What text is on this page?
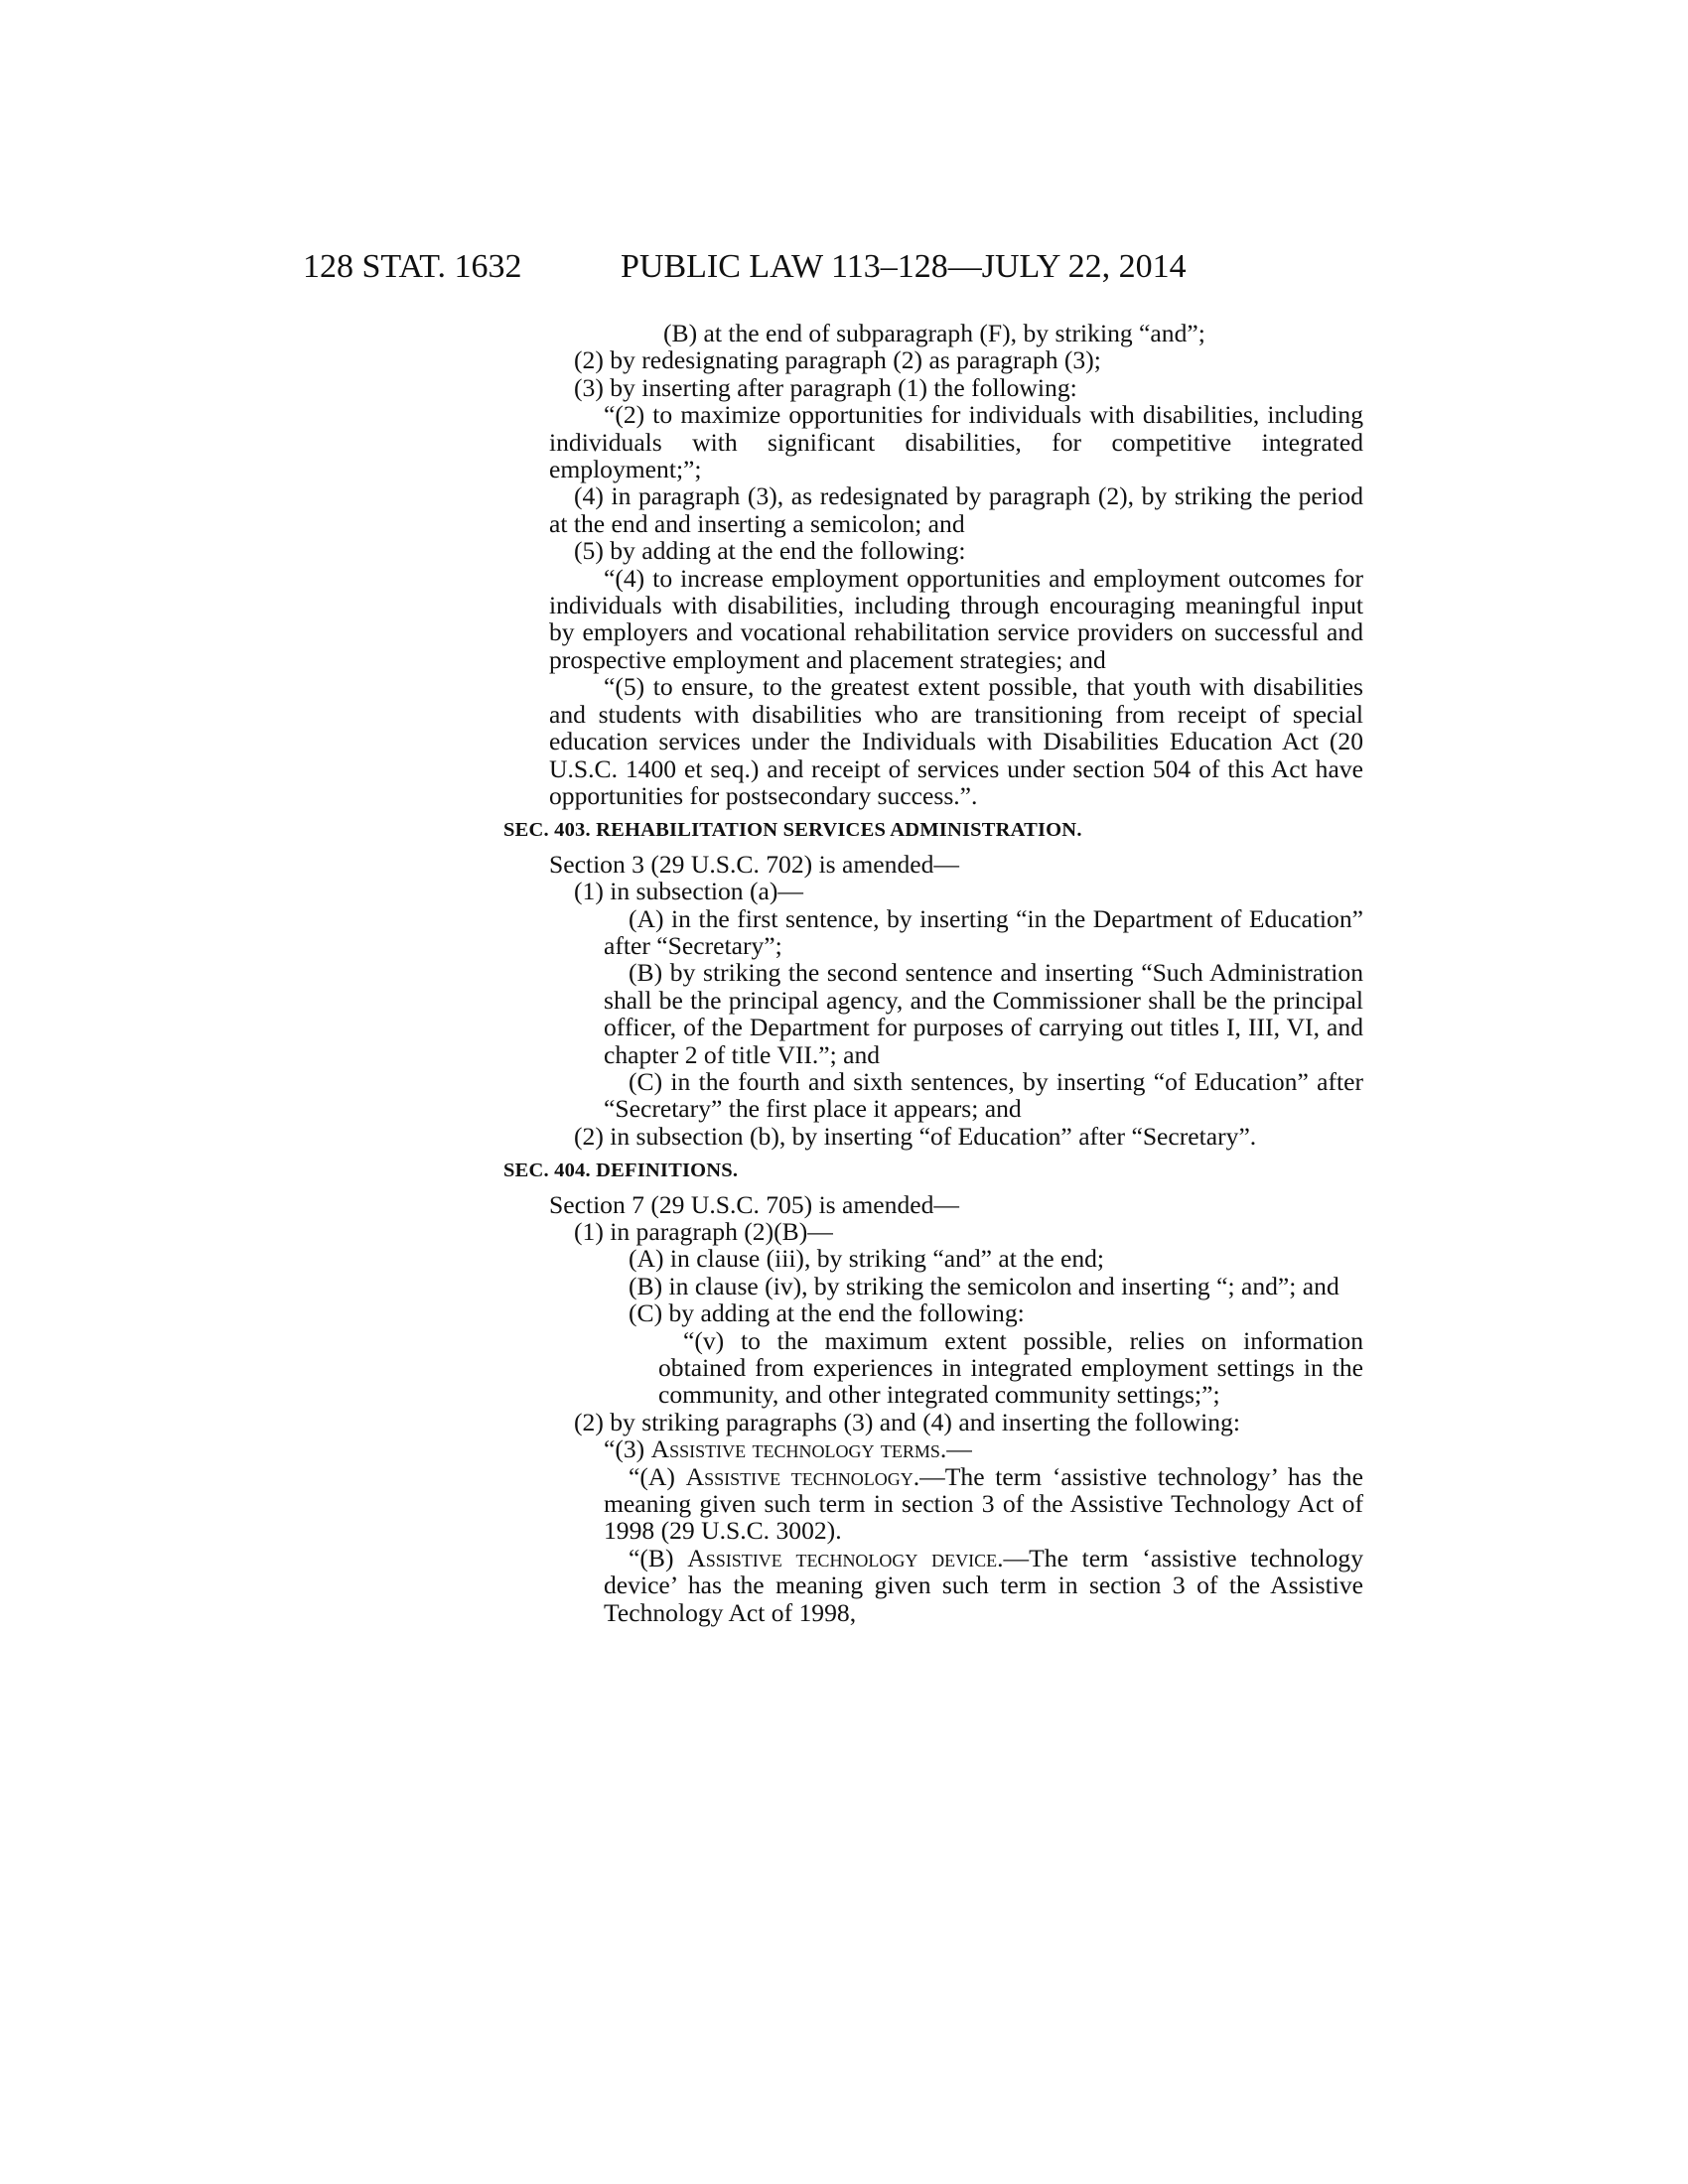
128 STAT. 1632	PUBLIC LAW 113–128—JULY 22, 2014

(B) at the end of subparagraph (F), by striking “and”;

(2) by redesignating paragraph (2) as paragraph (3);

(3) by inserting after paragraph (1) the following:

“(2) to maximize opportunities for individuals with disabilities, including individuals with significant disabilities, for competitive integrated employment;”;

(4) in paragraph (3), as redesignated by paragraph (2), by striking the period at the end and inserting a semicolon; and

(5) by adding at the end the following:

“(4) to increase employment opportunities and employment outcomes for individuals with disabilities, including through encouraging meaningful input by employers and vocational rehabilitation service providers on successful and prospective employment and placement strategies; and

“(5) to ensure, to the greatest extent possible, that youth with disabilities and students with disabilities who are transitioning from receipt of special education services under the Individuals with Disabilities Education Act (20 U.S.C. 1400 et seq.) and receipt of services under section 504 of this Act have opportunities for postsecondary success.”.

SEC. 403. REHABILITATION SERVICES ADMINISTRATION.

Section 3 (29 U.S.C. 702) is amended—

(1) in subsection (a)—

(A) in the first sentence, by inserting “in the Department of Education” after “Secretary”;

(B) by striking the second sentence and inserting “Such Administration shall be the principal agency, and the Commissioner shall be the principal officer, of the Department for purposes of carrying out titles I, III, VI, and chapter 2 of title VII.”; and

(C) in the fourth and sixth sentences, by inserting “of Education” after “Secretary” the first place it appears; and

(2) in subsection (b), by inserting “of Education” after “Secretary”.

SEC. 404. DEFINITIONS.

Section 7 (29 U.S.C. 705) is amended—

(1) in paragraph (2)(B)—

(A) in clause (iii), by striking “and” at the end;

(B) in clause (iv), by striking the semicolon and inserting “; and”; and

(C) by adding at the end the following:

“(v) to the maximum extent possible, relies on information obtained from experiences in integrated employment settings in the community, and other integrated community settings;”;

(2) by striking paragraphs (3) and (4) and inserting the following:

“(3) Assistive technology terms.—

“(A) Assistive technology.—The term ‘assistive technology’ has the meaning given such term in section 3 of the Assistive Technology Act of 1998 (29 U.S.C. 3002).

“(B) Assistive technology device.—The term ‘assistive technology device’ has the meaning given such term in section 3 of the Assistive Technology Act of 1998,
